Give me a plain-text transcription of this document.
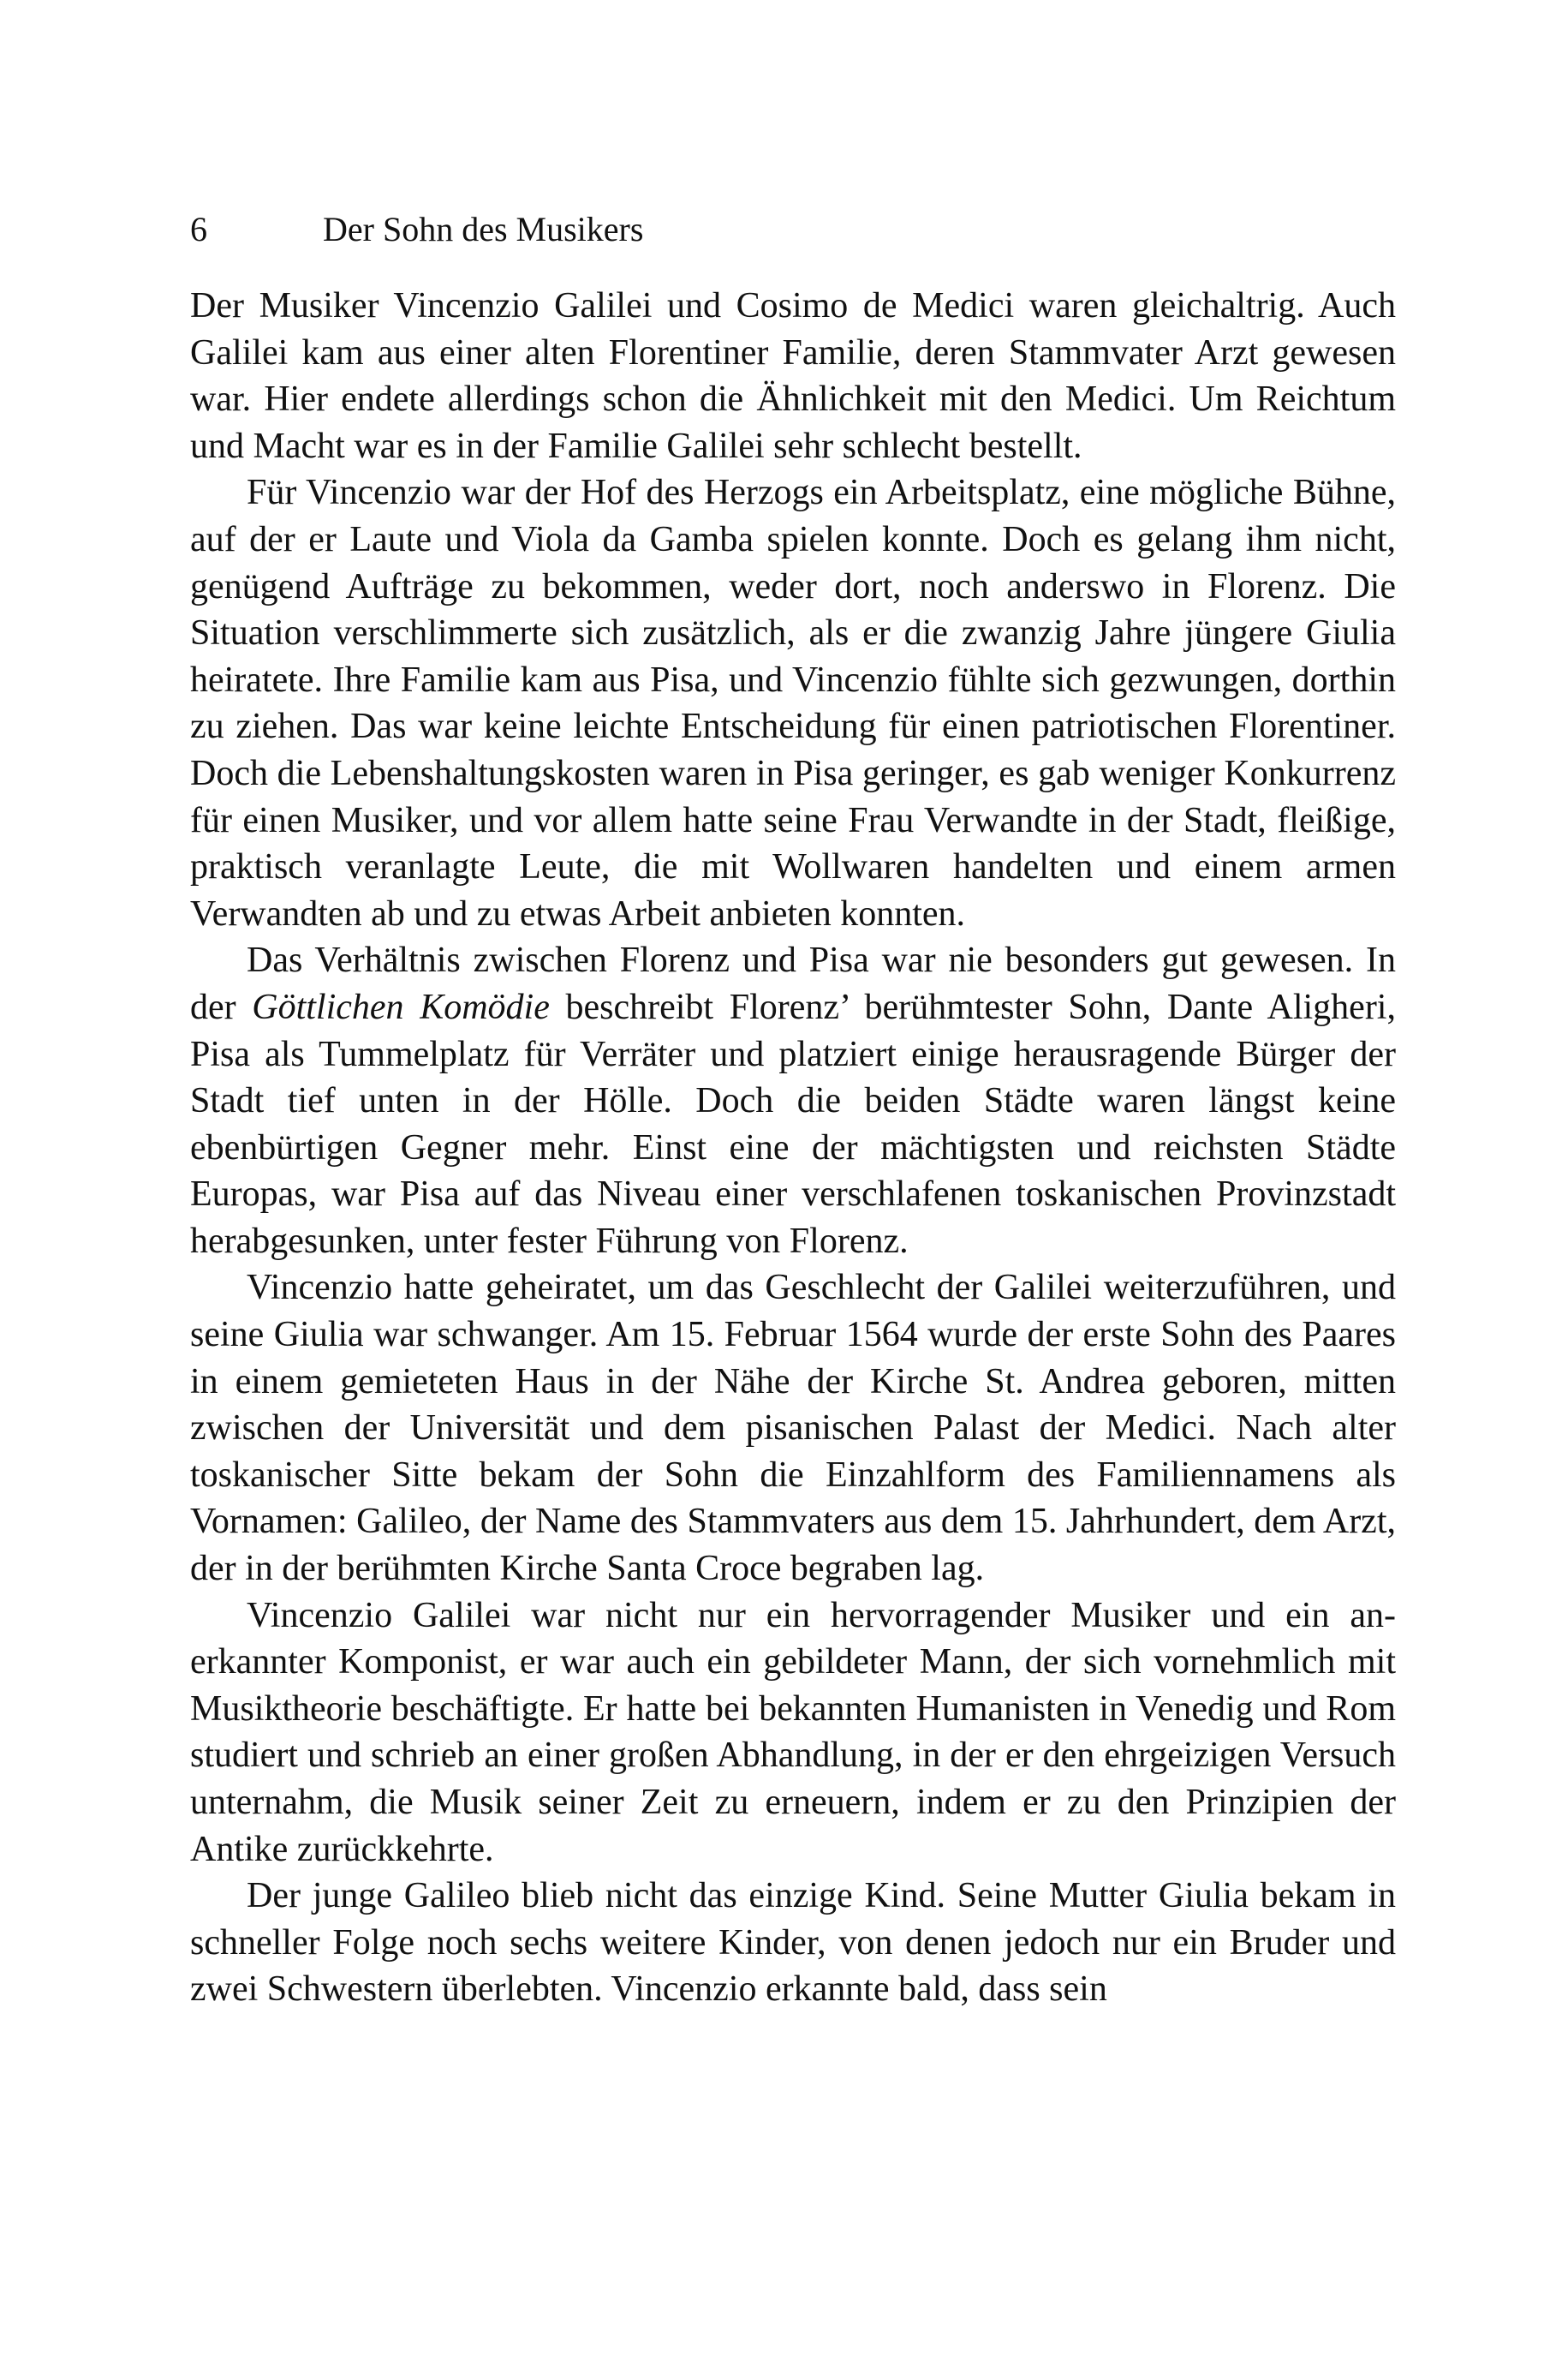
6	Der Sohn des Musikers

Der Musiker Vincenzio Galilei und Cosimo de Medici waren gleichaltrig. Auch Galilei kam aus einer alten Florentiner Familie, deren Stammvater Arzt gewesen war. Hier endete allerdings schon die Ähnlichkeit mit den Medici. Um Reichtum und Macht war es in der Familie Galilei sehr schlecht bestellt.

Für Vincenzio war der Hof des Herzogs ein Arbeitsplatz, eine mögliche Bühne, auf der er Laute und Viola da Gamba spielen konnte. Doch es gelang ihm nicht, genügend Aufträge zu bekommen, weder dort, noch anderswo in Florenz. Die Situation verschlimmerte sich zusätzlich, als er die zwanzig Jahre jüngere Giulia heiratete. Ihre Familie kam aus Pisa, und Vincenzio fühlte sich gezwungen, dorthin zu ziehen. Das war keine leichte Entscheidung für einen patriotischen Florentiner. Doch die Lebenshaltungskosten waren in Pisa geringer, es gab weniger Konkurrenz für einen Musiker, und vor allem hatte seine Frau Verwandte in der Stadt, fleißige, praktisch veranlagte Leute, die mit Wollwaren handelten und einem armen Verwandten ab und zu etwas Arbeit anbieten konnten.

Das Verhältnis zwischen Florenz und Pisa war nie besonders gut gewesen. In der Göttlichen Komödie beschreibt Florenz’ berühmtester Sohn, Dante Aligheri, Pisa als Tummelplatz für Verräter und platziert einige herausragende Bürger der Stadt tief unten in der Hölle. Doch die beiden Städte waren längst keine ebenbürtigen Gegner mehr. Einst eine der mächtigsten und reichsten Städte Europas, war Pisa auf das Niveau einer verschlafenen toskanischen Provinzstadt herabgesunken, unter fester Führung von Florenz.

Vincenzio hatte geheiratet, um das Geschlecht der Galilei weiterzuführen, und seine Giulia war schwanger. Am 15. Februar 1564 wurde der erste Sohn des Paares in einem gemieteten Haus in der Nähe der Kirche St. Andrea geboren, mitten zwischen der Universität und dem pisanischen Palast der Medici. Nach alter toskanischer Sitte bekam der Sohn die Einzahlform des Familiennamens als Vornamen: Galileo, der Name des Stammvaters aus dem 15. Jahrhundert, dem Arzt, der in der berühmten Kirche Santa Croce begraben lag.

Vincenzio Galilei war nicht nur ein hervorragender Musiker und ein anerkannter Komponist, er war auch ein gebildeter Mann, der sich vornehmlich mit Musiktheorie beschäftigte. Er hatte bei bekannten Humanisten in Venedig und Rom studiert und schrieb an einer großen Abhandlung, in der er den ehrgeizigen Versuch unternahm, die Musik seiner Zeit zu erneuern, indem er zu den Prinzipien der Antike zurückkehrte.

Der junge Galileo blieb nicht das einzige Kind. Seine Mutter Giulia bekam in schneller Folge noch sechs weitere Kinder, von denen jedoch nur ein Bruder und zwei Schwestern überlebten. Vincenzio erkannte bald, dass sein
